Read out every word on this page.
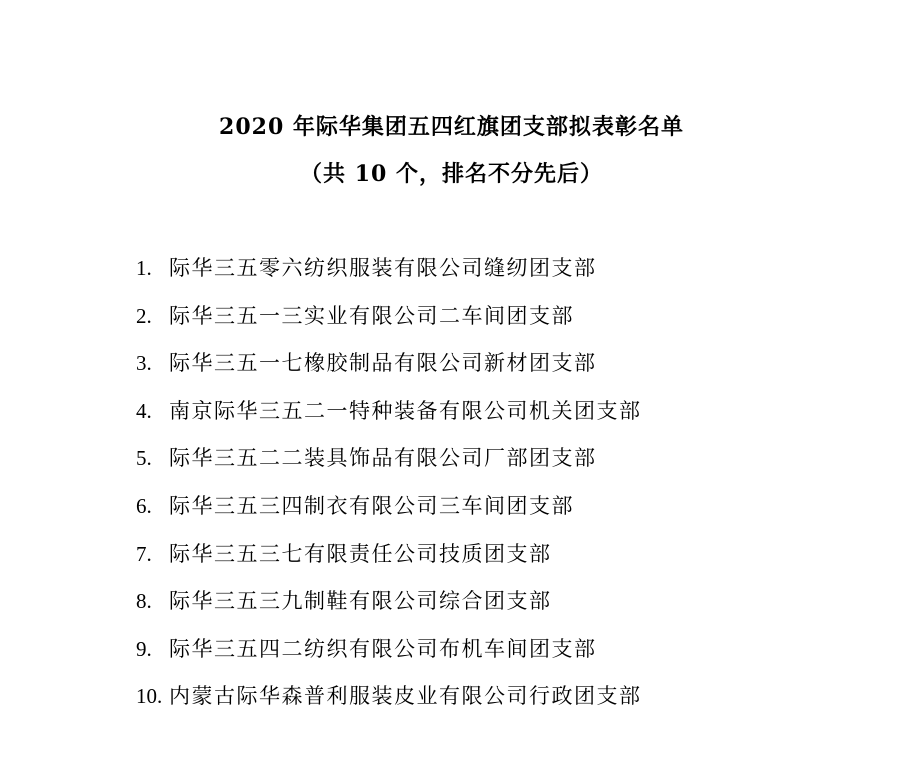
2020 年际华集团五四红旗团支部拟表彰名单
（共 10 个，排名不分先后）
1. 际华三五零六纺织服装有限公司缝纫团支部
2. 际华三五一三实业有限公司二车间团支部
3. 际华三五一七橡胶制品有限公司新材团支部
4. 南京际华三五二一特种装备有限公司机关团支部
5. 际华三五二二装具饰品有限公司厂部团支部
6. 际华三五三四制衣有限公司三车间团支部
7. 际华三五三七有限责任公司技质团支部
8. 际华三五三九制鞋有限公司综合团支部
9. 际华三五四二纺织有限公司布机车间团支部
10. 内蒙古际华森普利服装皮业有限公司行政团支部
